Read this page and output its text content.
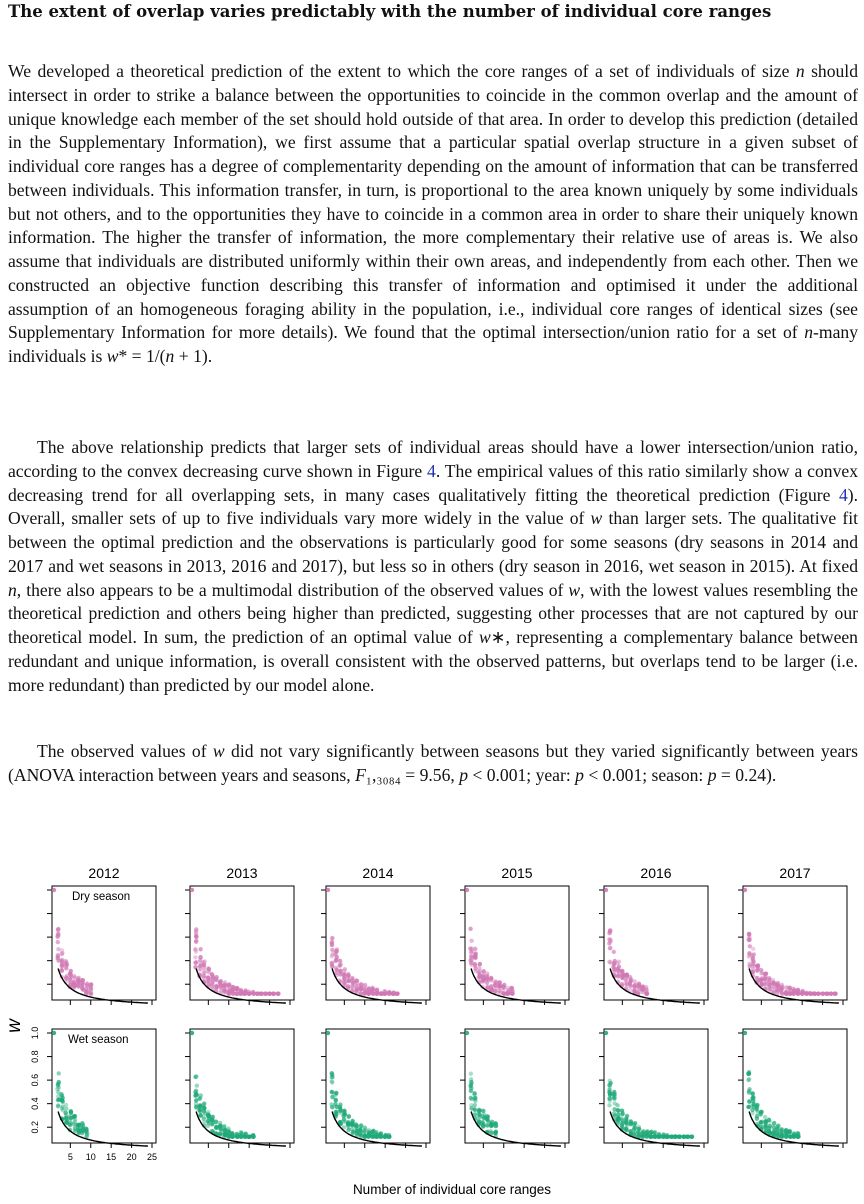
The extent of overlap varies predictably with the number of individual core ranges

We developed a theoretical prediction of the extent to which the core ranges of a set of individuals of size n should intersect in order to strike a balance between the opportunities to coincide in the common overlap and the amount of unique knowledge each member of the set should hold outside of that area. In order to develop this prediction (detailed in the Supplementary Information), we first assume that a particular spatial overlap structure in a given subset of individual core ranges has a degree of complementarity depending on the amount of information that can be transferred between individuals. This information transfer, in turn, is proportional to the area known uniquely by some individuals but not others, and to the opportunities they have to coincide in a common area in order to share their uniquely known information. The higher the transfer of information, the more complementary their relative use of areas is. We also assume that individuals are distributed uniformly within their own areas, and independently from each other. Then we constructed an objective function describing this transfer of information and optimised it under the additional assumption of an homogeneous foraging ability in the population, i.e., individual core ranges of identical sizes (see Supplementary Information for more details). We found that the optimal intersection/union ratio for a set of n-many individuals is w* = 1/(n + 1).

The above relationship predicts that larger sets of individual areas should have a lower intersection/union ratio, according to the convex decreasing curve shown in Figure 4. The empirical values of this ratio similarly show a convex decreasing trend for all overlapping sets, in many cases qualitatively fitting the theoretical prediction (Figure 4). Overall, smaller sets of up to five individuals vary more widely in the value of w than larger sets. The qualitative fit between the optimal prediction and the observations is particularly good for some seasons (dry seasons in 2014 and 2017 and wet seasons in 2013, 2016 and 2017), but less so in others (dry season in 2016, wet season in 2015). At fixed n, there also appears to be a multimodal distribution of the observed values of w, with the lowest values resembling the theoretical prediction and others being higher than predicted, suggesting other processes that are not captured by our theoretical model. In sum, the prediction of an optimal value of w∗, representing a complementary balance between redundant and unique information, is overall consistent with the observed patterns, but overlaps tend to be larger (i.e. more redundant) than predicted by our model alone.

The observed values of w did not vary significantly between seasons but they varied significantly between years (ANOVA interaction between years and seasons, F₁,₃₀₈₄ = 9.56, p < 0.001; year: p < 0.001; season: p = 0.24).

2012	2013	2014	2015	2016	2017
Dry season
Wet season
0.2
0.4
0.6
0.8
1.0
5 10 15 20 25
w
Number of individual core ranges
